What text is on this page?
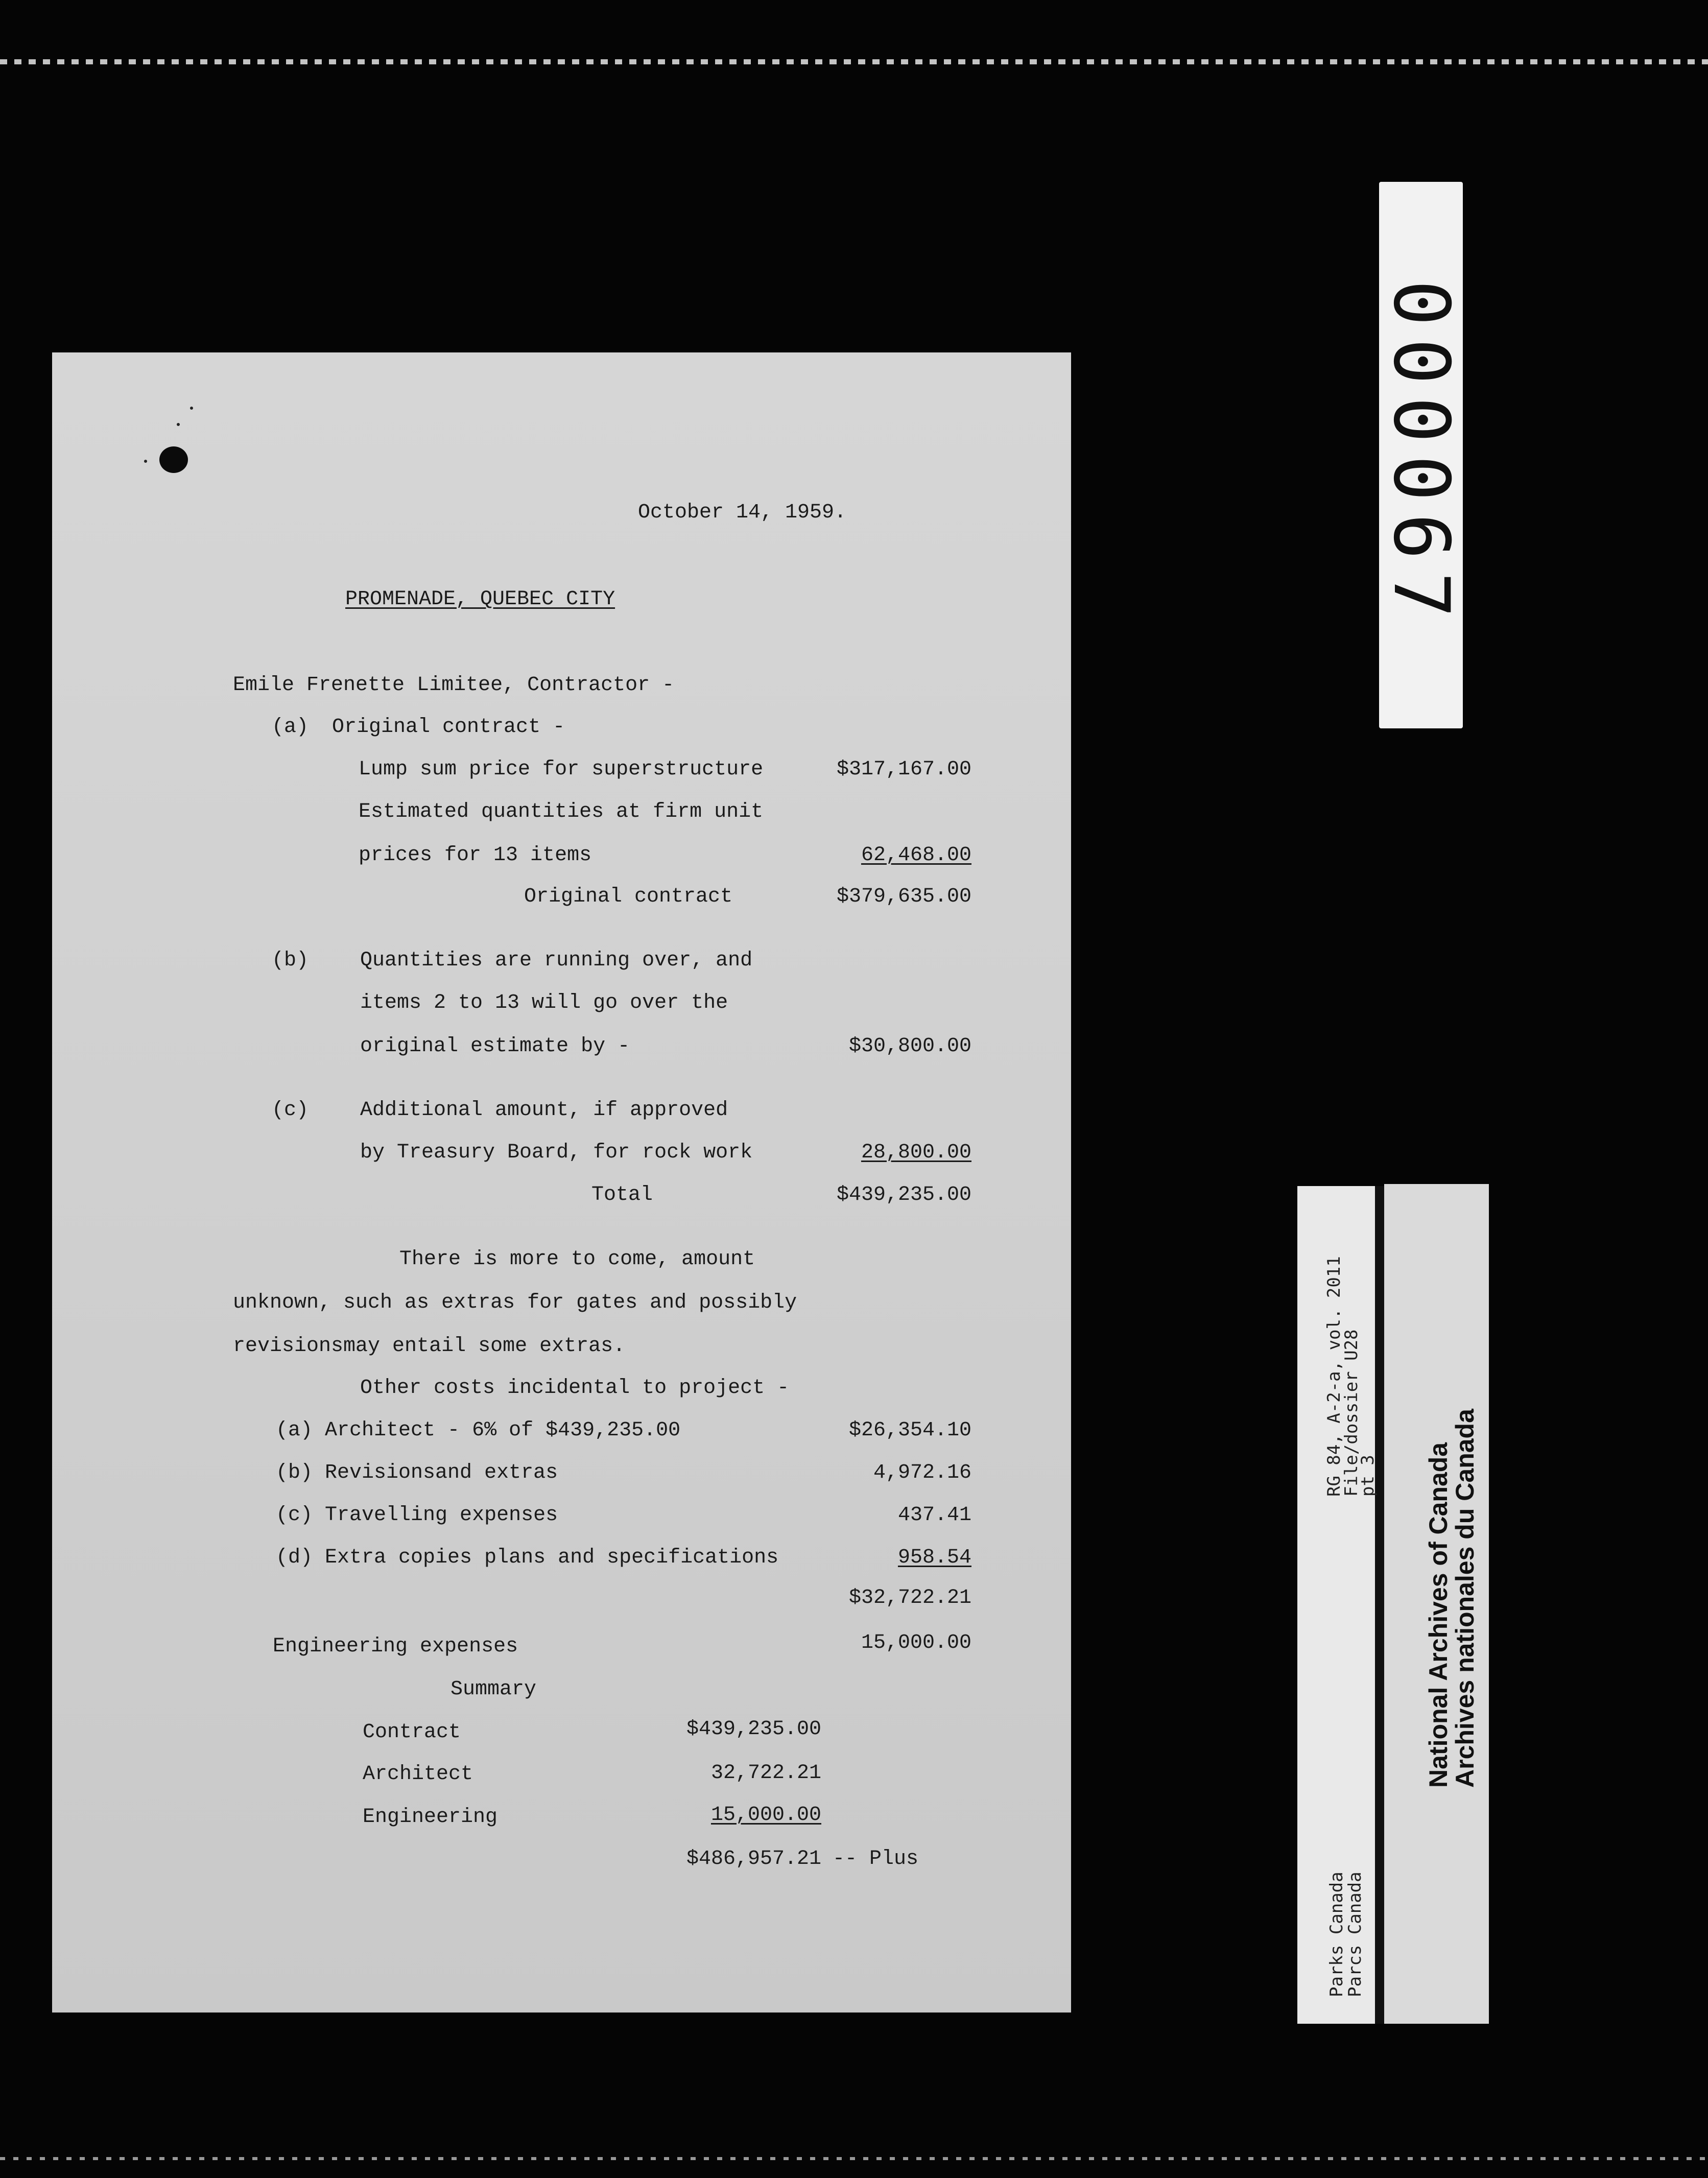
October 14, 1959.
PROMENADE, QUEBEC CITY
Emile Frenette Limitee, Contractor -
(a) Original contract -
Lump sum price for superstructure	$317,167.00
Estimated quantities at firm unit
prices for 13 items	62,468.00
Original contract	$379,635.00
(b)	Quantities are running over, and
items 2 to 13 will go over the
original estimate by -	$30,800.00
(c)	Additional amount, if approved
by Treasury Board, for rock work	28,800.00
Total	$439,235.00
There is more to come, amount
unknown, such as extras for gates and possibly
revisionsmay entail some extras.
Other costs incidental to project -
(a) Architect - 6% of $439,235.00	$26,354.10
(b) Revisionsand extras	4,972.16
(c) Travelling expenses	437.41
(d) Extra copies plans and specifications	958.54
$32,722.21
Engineering expenses	15,000.00
Summary
Contract	$439,235.00
Architect	32,722.21
Engineering	15,000.00
$486,957.21 -- Plus
000067
RG 84, A-2-a, vol. 2011
File/dossier U28
pt 3
Parks Canada
Parcs Canada
National Archives of Canada
Archives nationales du Canada
